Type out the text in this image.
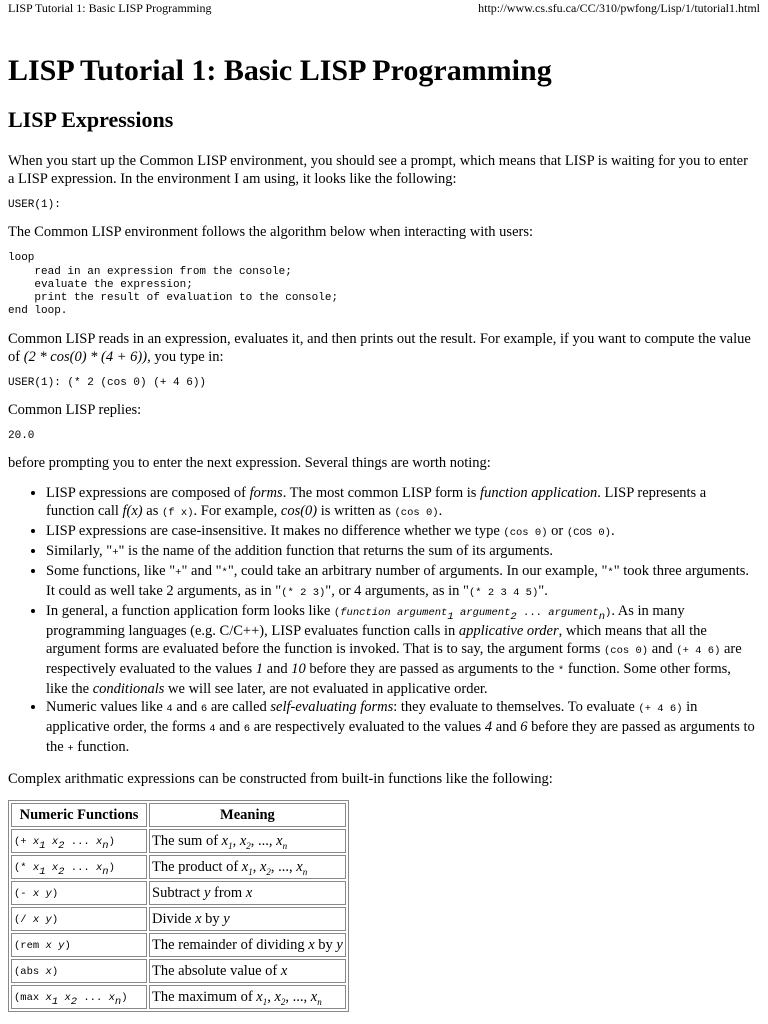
LISP Tutorial 1: Basic LISP Programming	http://www.cs.sfu.ca/CC/310/pwfong/Lisp/1/tutorial1.html
LISP Tutorial 1: Basic LISP Programming
LISP Expressions

When you start up the Common LISP environment, you should see a prompt, which means that LISP is waiting for you to enter a LISP expression. In the environment I am using, it looks like the following:

USER(1):

The Common LISP environment follows the algorithm below when interacting with users:

loop
read in an expression from the console;
evaluate the expression;
print the result of evaluation to the console;
end loop.

Common LISP reads in an expression, evaluates it, and then prints out the result. For example, if you want to compute the value of (2 * cos(0) * (4 + 6)), you type in:

USER(1): (* 2 (cos 0) (+ 4 6))

Common LISP replies:

20.0

before prompting you to enter the next expression. Several things are worth noting:

• LISP expressions are composed of forms. The most common LISP form is function application. LISP represents a function call f(x) as (f x). For example, cos(0) is written as (cos 0).
• LISP expressions are case-insensitive. It makes no difference whether we type (cos 0) or (COS 0).
• Similarly, "+" is the name of the addition function that returns the sum of its arguments.
• Some functions, like "+" and "*", could take an arbitrary number of arguments. In our example, "*" took three arguments. It could as well take 2 arguments, as in "(* 2 3)", or 4 arguments, as in "(* 2 3 4 5)".
• In general, a function application form looks like (function argument$_1$ argument$_2$ ... argument$_n$). As in many programming languages (e.g. C/C++), LISP evaluates function calls in applicative order, which means that all the argument forms are evaluated before the function is invoked. That is to say, the argument forms (cos 0) and (+ 4 6) are respectively evaluated to the values 1 and 10 before they are passed as arguments to the * function. Some other forms, like the conditionals we will see later, are not evaluated in applicative order.
• Numeric values like 4 and 6 are called self-evaluating forms: they evaluate to themselves. To evaluate (+ 4 6) in applicative order, the forms 4 and 6 are respectively evaluated to the values 4 and 6 before they are passed as arguments to the + function.

Complex arithmatic expressions can be constructed from built-in functions like the following:

Numeric Functions	Meaning
(+ $x_1$ $x_2$ ... $x_n$)	The sum of $x_1$, $x_2$, ..., $x_n$
(* $x_1$ $x_2$ ... $x_n$)	The product of $x_1$, $x_2$, ..., $x_n$
(- x y)	Subtract y from x
(/ x y)	Divide x by y
(rem x y)	The remainder of dividing x by y
(abs x)	The absolute value of x
(max $x_1$ $x_2$ ... $x_n$)	The maximum of $x_1$, $x_2$, ..., $x_n$
